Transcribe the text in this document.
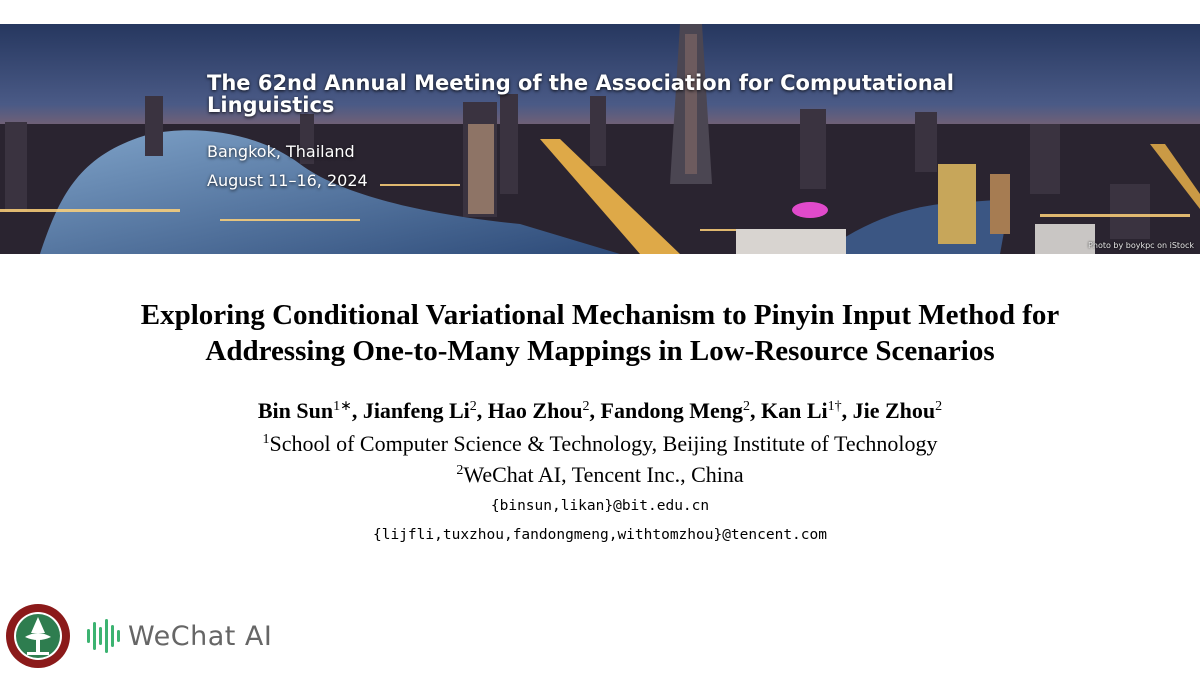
The 62nd Annual Meeting of the Association for Computational Linguistics
Bangkok, Thailand
August 11–16, 2024
Photo by boykpc on iStock
Exploring Conditional Variational Mechanism to Pinyin Input Method for
Addressing One-to-Many Mappings in Low-Resource Scenarios
Bin Sun$^{1∗}$, Jianfeng Li$^2$, Hao Zhou$^2$, Fandong Meng$^2$, Kan $Li^{1\dagger}$, Jie Zhou$^2$
$^1$School of Computer Science & Technology, Beijing Institute of Technology
$^2$WeChat AI, Tencent Inc., China
{binsun,likan}@bit.edu.cn
{lijfli,tuxzhou,fandongmeng,withtomzhou}@tencent.com
WeChat AI
